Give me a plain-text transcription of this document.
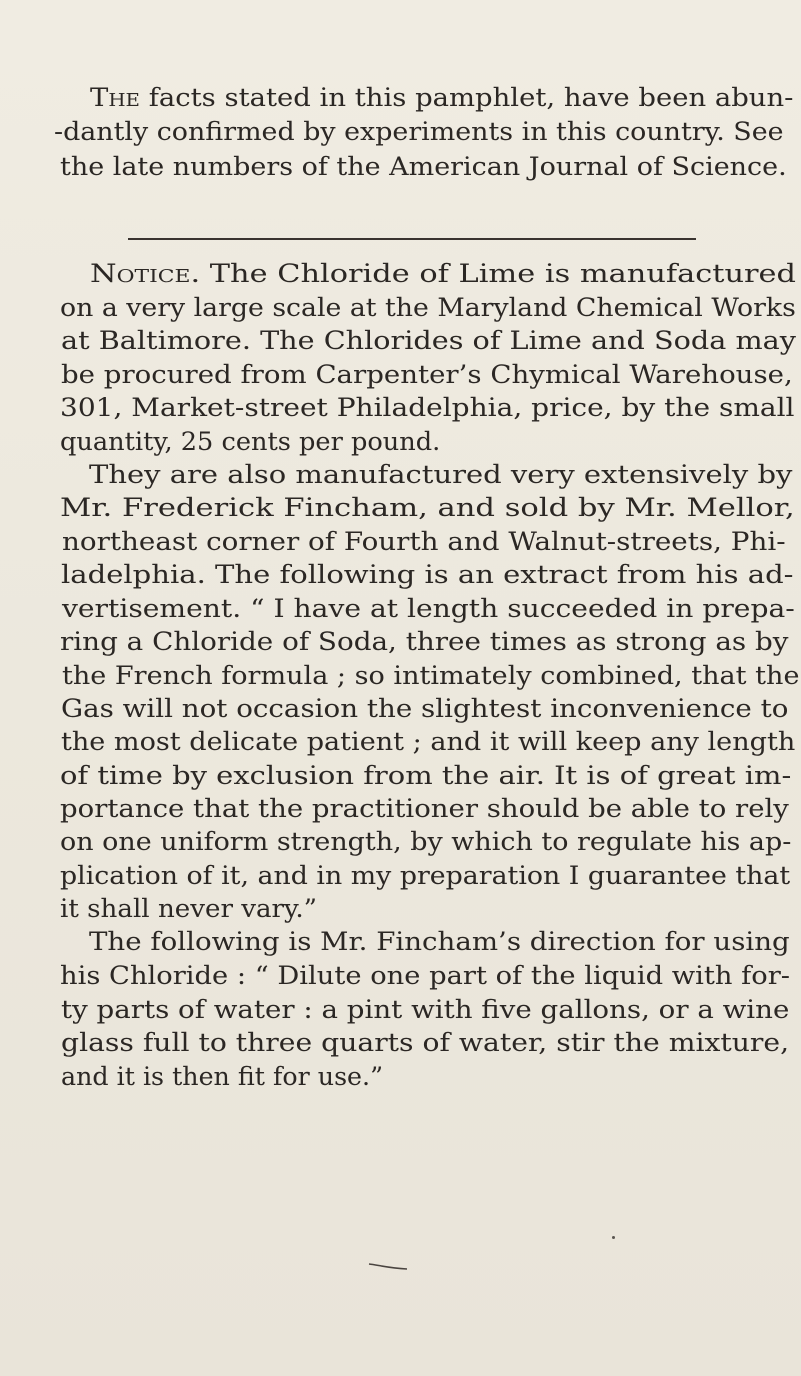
The facts stated in this pamphlet, have been abun-
-dantly confirmed by experiments in this country. See
the late numbers of the American Journal of Science.
Notice. The Chloride of Lime is manufactured
on a very large scale at the Maryland Chemical Works
at Baltimore. The Chlorides of Lime and Soda may
be procured from Carpenter’s Chymical Warehouse,
301, Market-street Philadelphia, price, by the small
quantity, 25 cents per pound.
They are also manufactured very extensively by
Mr. Frederick Fincham, and sold by Mr. Mellor,
northeast corner of Fourth and Walnut-streets, Phi-
ladelphia. The following is an extract from his ad-
vertisement. “ I have at length succeeded in prepa-
ring a Chloride of Soda, three times as strong as by
the French formula ; so intimately combined, that the
Gas will not occasion the slightest inconvenience to
the most delicate patient ; and it will keep any length
of time by exclusion from the air. It is of great im-
portance that the practitioner should be able to rely
on one uniform strength, by which to regulate his ap-
plication of it, and in my preparation I guarantee that
it shall never vary.”
The following is Mr. Fincham’s direction for using
his Chloride : “ Dilute one part of the liquid with for-
ty parts of water : a pint with five gallons, or a wine
glass full to three quarts of water, stir the mixture,
and it is then fit for use.”
